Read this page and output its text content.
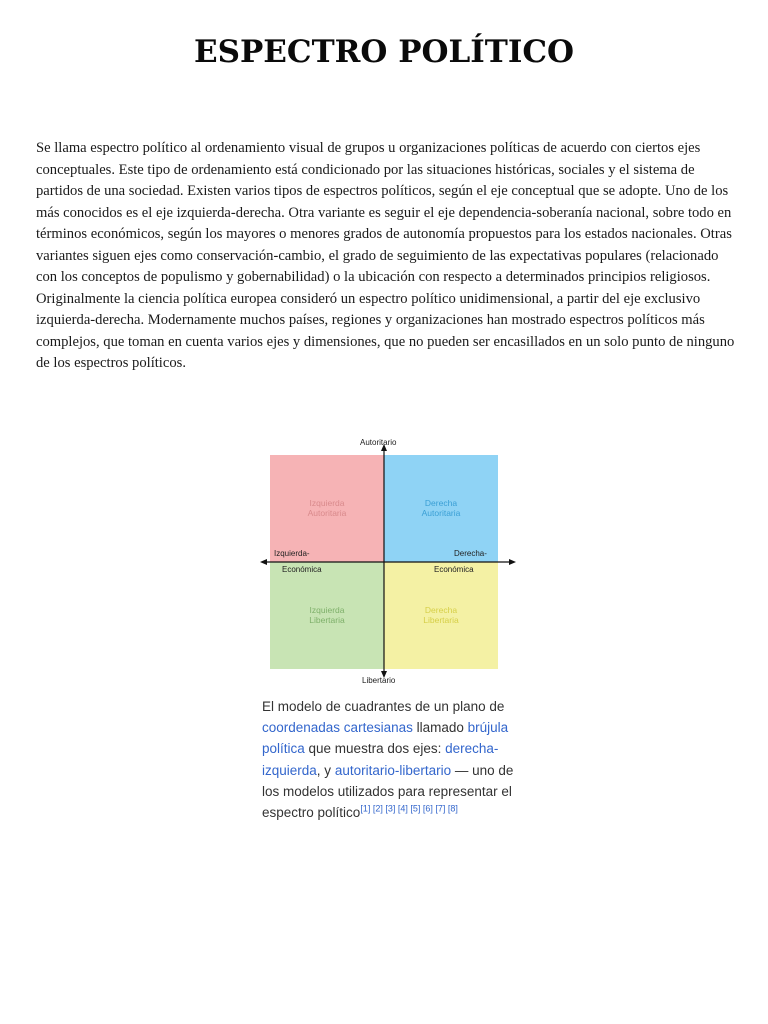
ESPECTRO POLÍTICO
Se llama espectro político al ordenamiento visual de grupos u organizaciones políticas de acuerdo con ciertos ejes conceptuales. Este tipo de ordenamiento está condicionado por las situaciones históricas, sociales y el sistema de partidos de una sociedad. Existen varios tipos de espectros políticos, según el eje conceptual que se adopte. Uno de los más conocidos es el eje izquierda-derecha. Otra variante es seguir el eje dependencia-soberanía nacional, sobre todo en términos económicos, según los mayores o menores grados de autonomía propuestos para los estados nacionales. Otras variantes siguen ejes como conservación-cambio, el grado de seguimiento de las expectativas populares (relacionado con los conceptos de populismo y gobernabilidad) o la ubicación con respecto a determinados principios religiosos. Originalmente la ciencia política europea consideró un espectro político unidimensional, a partir del eje exclusivo izquierda-derecha. Modernamente muchos países, regiones y organizaciones han mostrado espectros políticos más complejos, que toman en cuenta varios ejes y dimensiones, que no pueden ser encasillados en un solo punto de ninguno de los espectros políticos.
Izquierda
Autoritaria
Derecha
Autoritaria
Izquierda
Libertaria
Derecha
Libertaria
Autoritario
Libertario
Izquierda-
Económica
Derecha-
Económica
El modelo de cuadrantes de un plano de coordenadas cartesianas llamado brújula política que muestra dos ejes: derecha-izquierda, y autoritario-libertario — uno de los modelos utilizados para representar el espectro político[1] [2] [3] [4] [5] [6] [7] [8]
